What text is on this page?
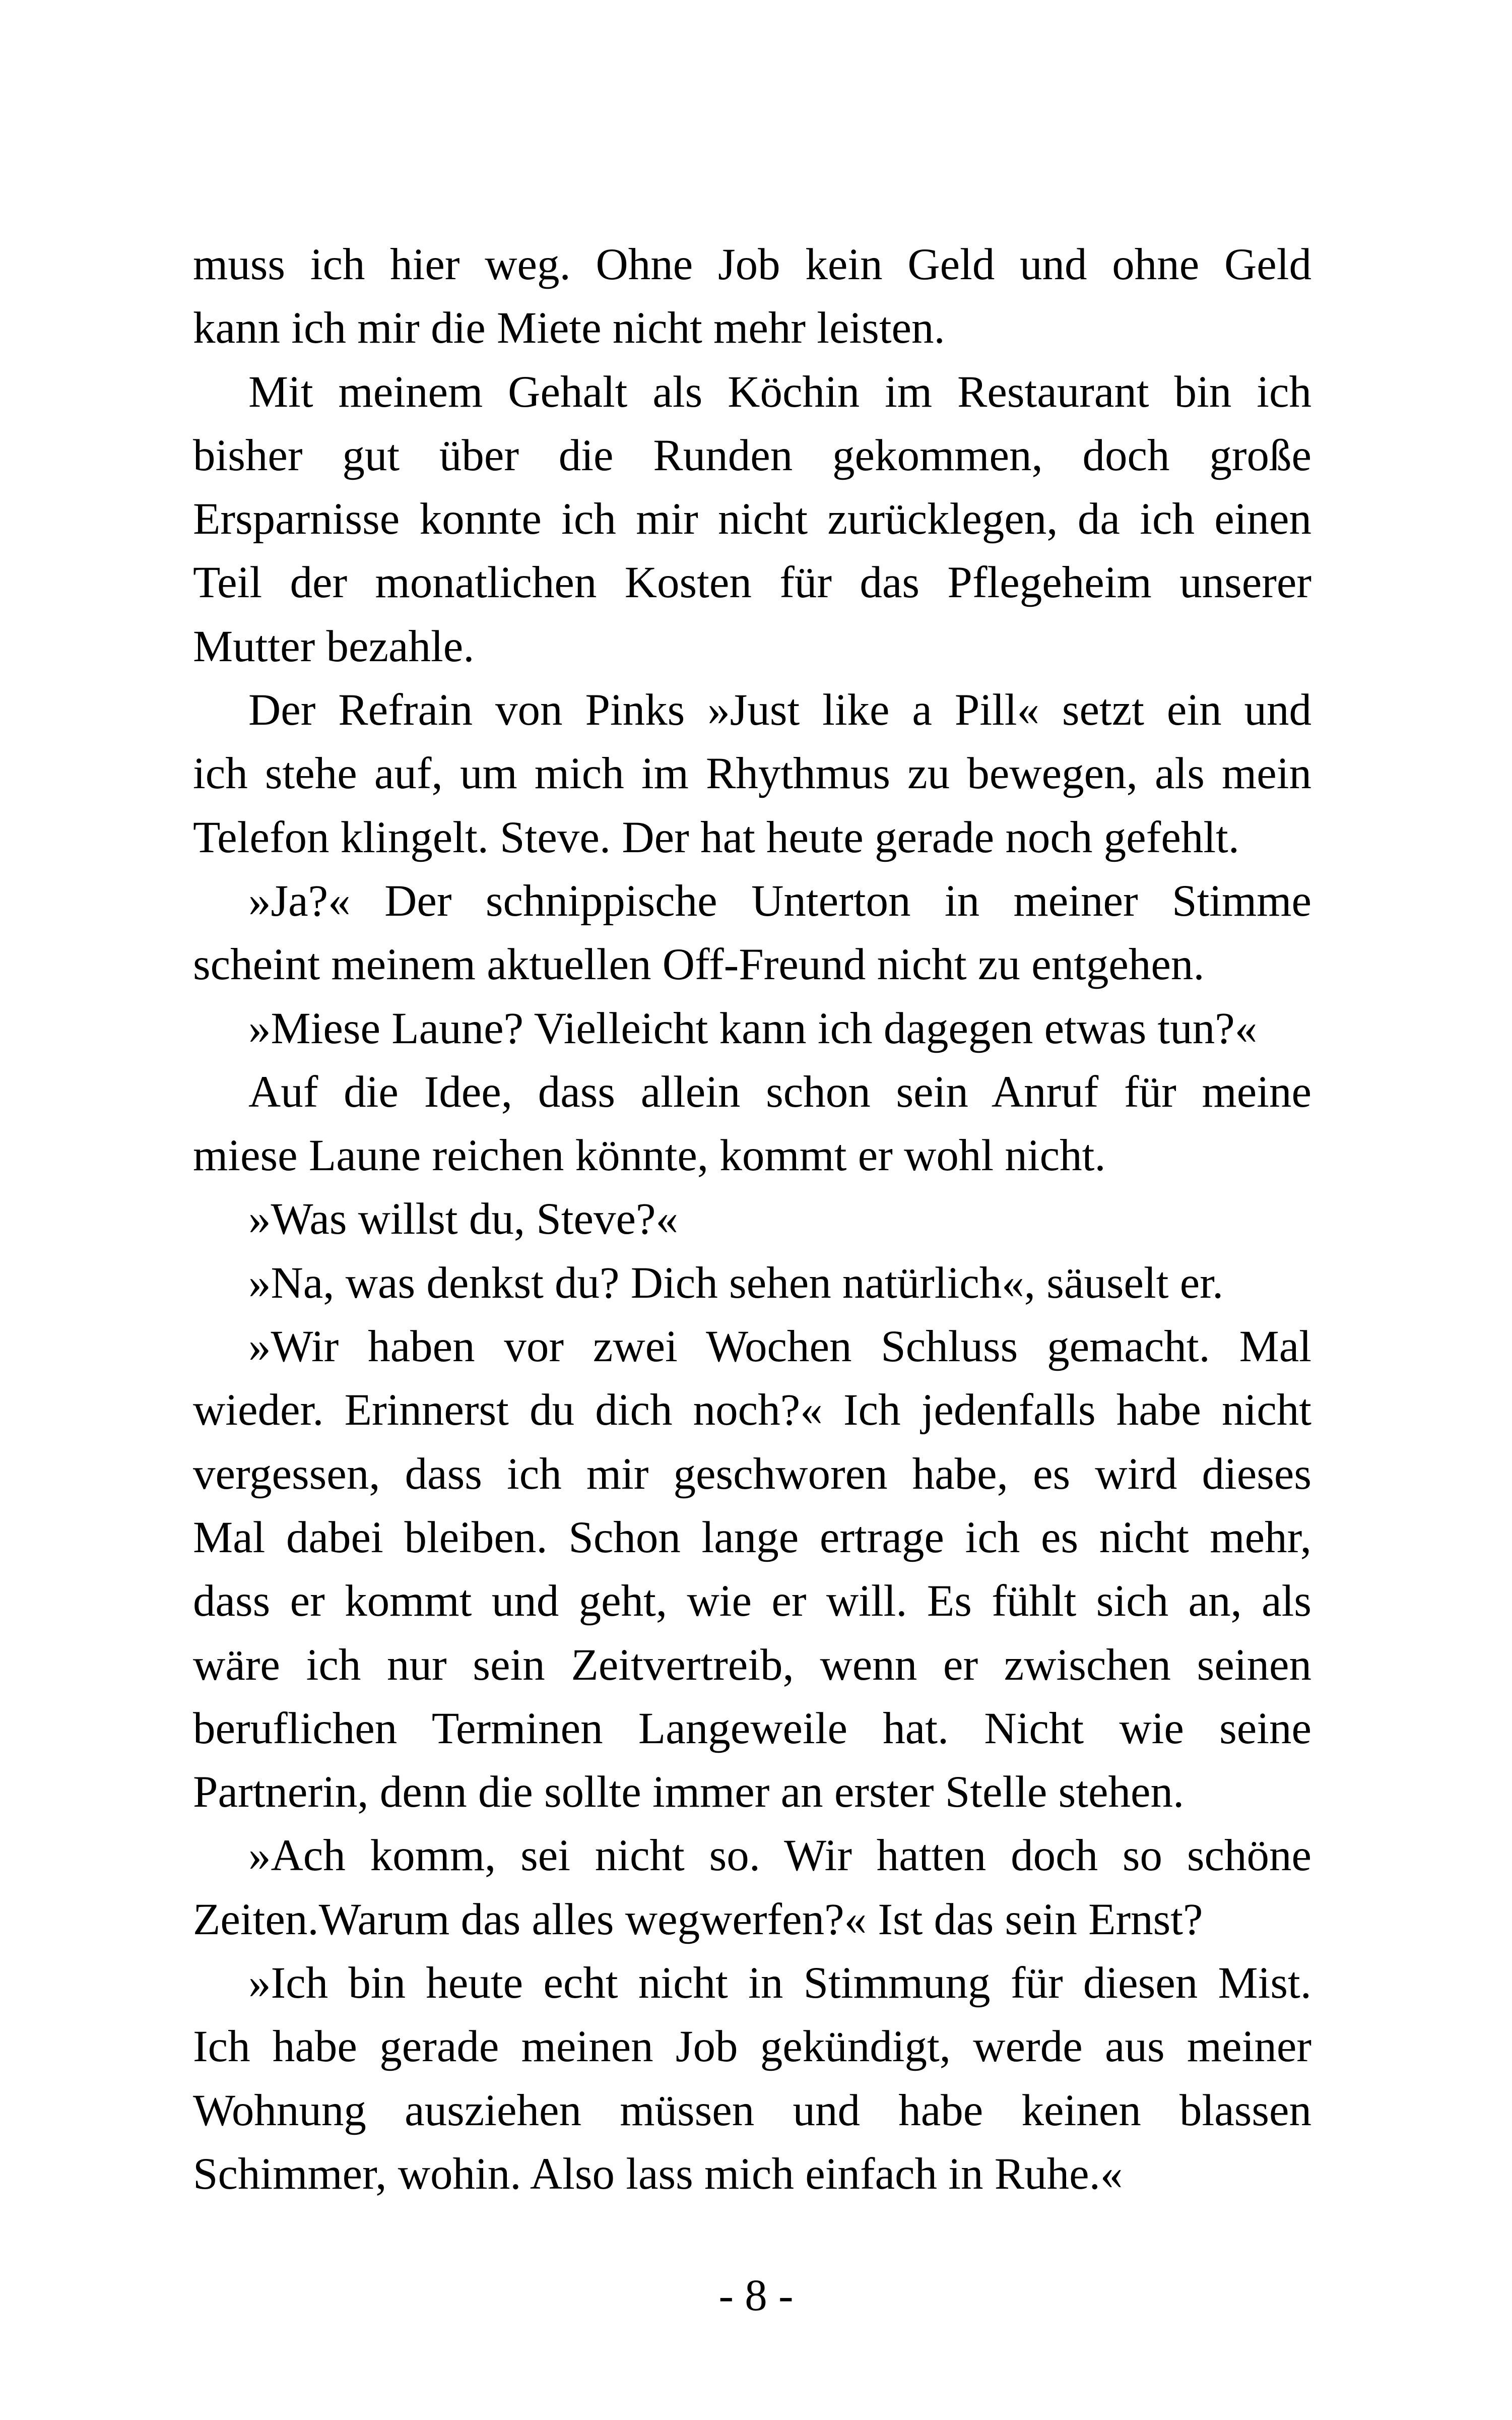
muss ich hier weg. Ohne Job kein Geld und ohne Geld
kann ich mir die Miete nicht mehr leisten.

Mit meinem Gehalt als Köchin im Restaurant bin ich
bisher gut über die Runden gekommen, doch große
Ersparnisse konnte ich mir nicht zurücklegen, da ich einen
Teil der monatlichen Kosten für das Pflegeheim unserer
Mutter bezahle.

Der Refrain von Pinks »Just like a Pill« setzt ein und
ich stehe auf, um mich im Rhythmus zu bewegen, als mein
Telefon klingelt. Steve. Der hat heute gerade noch gefehlt.

»Ja?« Der schnippische Unterton in meiner Stimme
scheint meinem aktuellen Off-Freund nicht zu entgehen.

»Miese Laune? Vielleicht kann ich dagegen etwas tun?«

Auf die Idee, dass allein schon sein Anruf für meine
miese Laune reichen könnte, kommt er wohl nicht.

»Was willst du, Steve?«

»Na, was denkst du? Dich sehen natürlich«, säuselt er.

»Wir haben vor zwei Wochen Schluss gemacht. Mal
wieder. Erinnerst du dich noch?« Ich jedenfalls habe nicht
vergessen, dass ich mir geschworen habe, es wird dieses
Mal dabei bleiben. Schon lange ertrage ich es nicht mehr,
dass er kommt und geht, wie er will. Es fühlt sich an, als
wäre ich nur sein Zeitvertreib, wenn er zwischen seinen
beruflichen Terminen Langeweile hat. Nicht wie seine
Partnerin, denn die sollte immer an erster Stelle stehen.

»Ach komm, sei nicht so. Wir hatten doch so schöne
Zeiten.Warum das alles wegwerfen?« Ist das sein Ernst?

»Ich bin heute echt nicht in Stimmung für diesen Mist.
Ich habe gerade meinen Job gekündigt, werde aus meiner
Wohnung ausziehen müssen und habe keinen blassen
Schimmer, wohin. Also lass mich einfach in Ruhe.«

- 8 -
